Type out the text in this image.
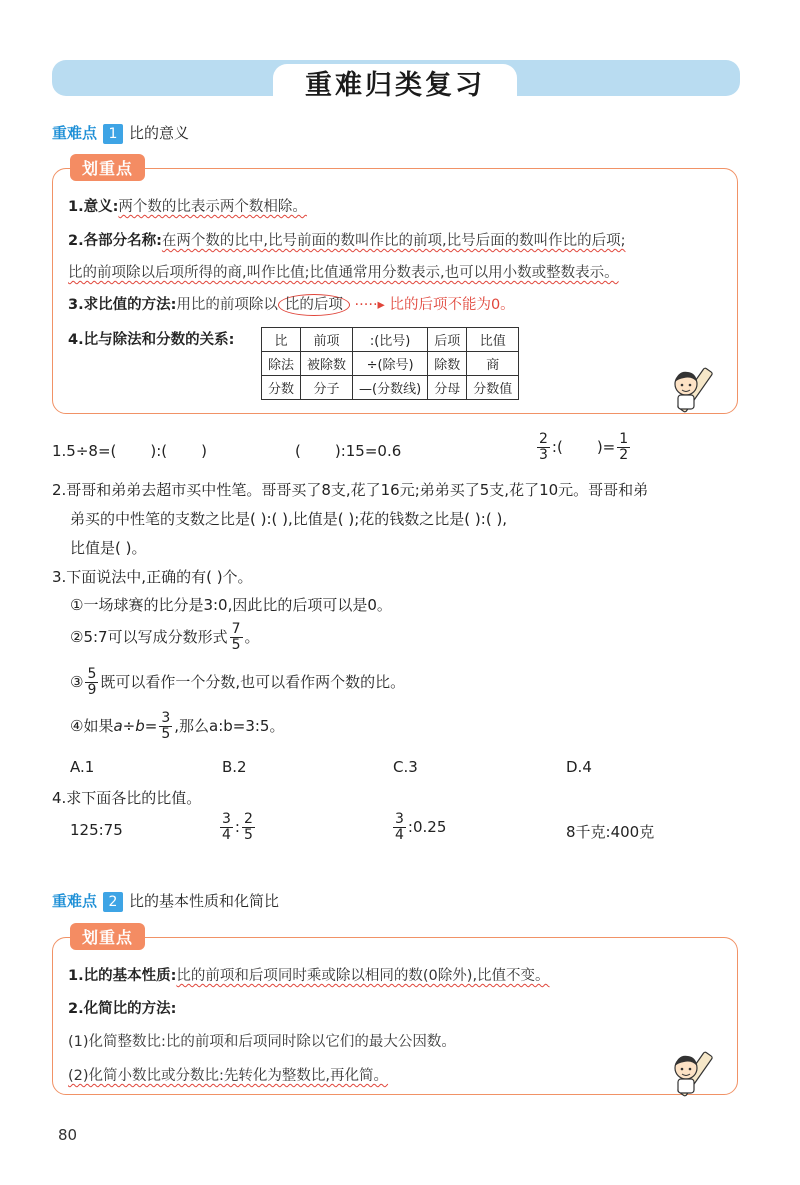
重难归类复习
重难点 1 比的意义
划重点
1.意义:两个数的比表示两个数相除。
2.各部分名称:在两个数的比中,比号前面的数叫作比的前项,比号后面的数叫作比的后项;
比的前项除以后项所得的商,叫作比值;比值通常用分数表示,也可以用小数或整数表示。
3.求比值的方法:用比的前项除以 比的后项 ·····▸ 比的后项不能为0。
4.比与除法和分数的关系:	比	前项	:(比号)	后项	比值
除法	被除数	÷(除号)	除数	商
分数	分子	—(分数线)	分母	分数值
1.5÷8=( ):( )	( ):15=0.6	$\frac{2}{3}$ :( )= $\frac{1}{2}$
2.哥哥和弟弟去超市买中性笔。哥哥买了8支,花了16元;弟弟买了5支,花了10元。哥哥和弟
弟买的中性笔的支数之比是( ):( ),比值是( );花的钱数之比是( ):( ),
比值是( )。
3.下面说法中,正确的有( )个。
①一场球赛的比分是3:0,因此比的后项可以是0。
②5:7可以写成分数形式 $\frac{7}{5}$ 。
③ $\frac{5}{9}$ 既可以看作一个分数,也可以看作两个数的比。
④如果$a\div b= \frac{3}{5}$ ,那么a:b=3:5。
A.1	B.2	C.3	D.4
4.求下面各比的比值。
125:75	$\frac{3}{4}$ : $\frac{2}{5}$	$\frac{3}{4}$ :0.25	8千克:400克
重难点 2 比的基本性质和化简比
划重点
1.比的基本性质:比的前项和后项同时乘或除以相同的数(0除外),比值不变。
2.化简比的方法:
(1)化简整数比:比的前项和后项同时除以它们的最大公因数。
(2)化简小数比或分数比:先转化为整数比,再化简。
80
